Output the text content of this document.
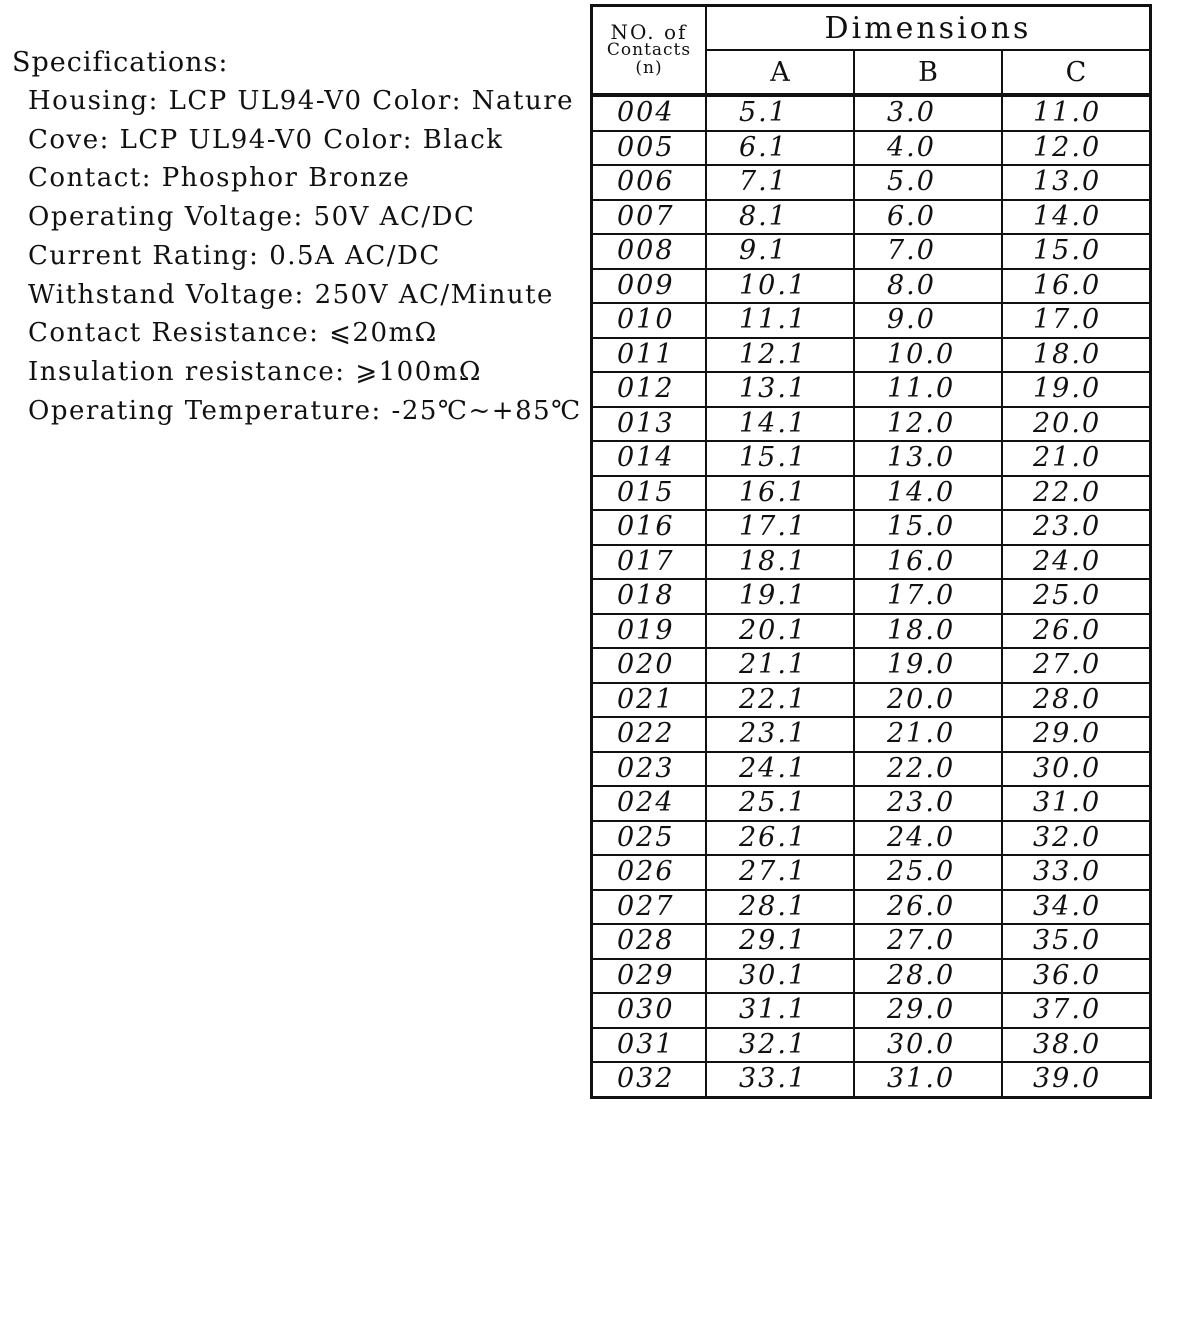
Specifications:
Housing: LCP UL94-V0 Color: Nature
Cove: LCP UL94-V0 Color: Black
Contact: Phosphor Bronze
Operating Voltage: 50V AC/DC
Current Rating: 0.5A AC/DC
Withstand Voltage: 250V AC/Minute
Contact Resistance: ⩽20mΩ
Insulation resistance: ⩾100mΩ
Operating Temperature: -25℃~+85℃
NO. of
Contacts
(n)	Dimensions		
	A	B	C
004	5.1	3.0	11.0
005	6.1	4.0	12.0
006	7.1	5.0	13.0
007	8.1	6.0	14.0
008	9.1	7.0	15.0
009	10.1	8.0	16.0
010	11.1	9.0	17.0
011	12.1	10.0	18.0
012	13.1	11.0	19.0
013	14.1	12.0	20.0
014	15.1	13.0	21.0
015	16.1	14.0	22.0
016	17.1	15.0	23.0
017	18.1	16.0	24.0
018	19.1	17.0	25.0
019	20.1	18.0	26.0
020	21.1	19.0	27.0
021	22.1	20.0	28.0
022	23.1	21.0	29.0
023	24.1	22.0	30.0
024	25.1	23.0	31.0
025	26.1	24.0	32.0
026	27.1	25.0	33.0
027	28.1	26.0	34.0
028	29.1	27.0	35.0
029	30.1	28.0	36.0
030	31.1	29.0	37.0
031	32.1	30.0	38.0
032	33.1	31.0	39.0
